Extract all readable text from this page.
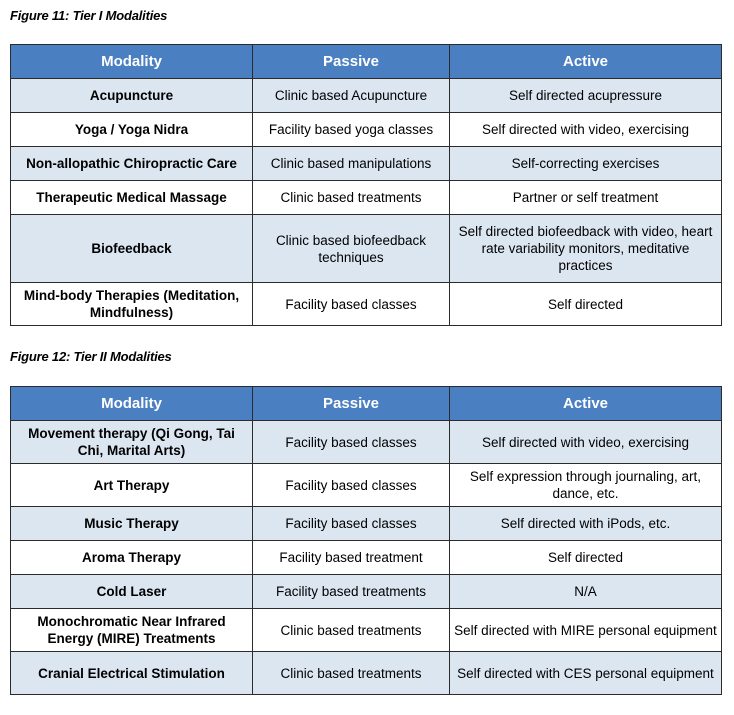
Figure 11: Tier I Modalities
Modality	Passive	Active
Acupuncture	Clinic based Acupuncture	Self directed acupressure
Yoga / Yoga Nidra	Facility based yoga classes	Self directed with video, exercising
Non-allopathic Chiropractic Care	Clinic based manipulations	Self-correcting exercises
Therapeutic Medical Massage	Clinic based treatments	Partner or self treatment
Biofeedback	Clinic based biofeedback techniques	Self directed biofeedback with video, heart rate variability monitors, meditative practices
Mind-body Therapies (Meditation, Mindfulness)	Facility based classes	Self directed
Figure 12: Tier II Modalities
Modality	Passive	Active
Movement therapy (Qi Gong, Tai Chi, Marital Arts)	Facility based classes	Self directed with video, exercising
Art Therapy	Facility based classes	Self expression through journaling, art, dance, etc.
Music Therapy	Facility based classes	Self directed with iPods, etc.
Aroma Therapy	Facility based treatment	Self directed
Cold Laser	Facility based treatments	N/A
Monochromatic Near Infrared Energy (MIRE) Treatments	Clinic based treatments	Self directed with MIRE personal equipment
Cranial Electrical Stimulation	Clinic based treatments	Self directed with CES personal equipment
